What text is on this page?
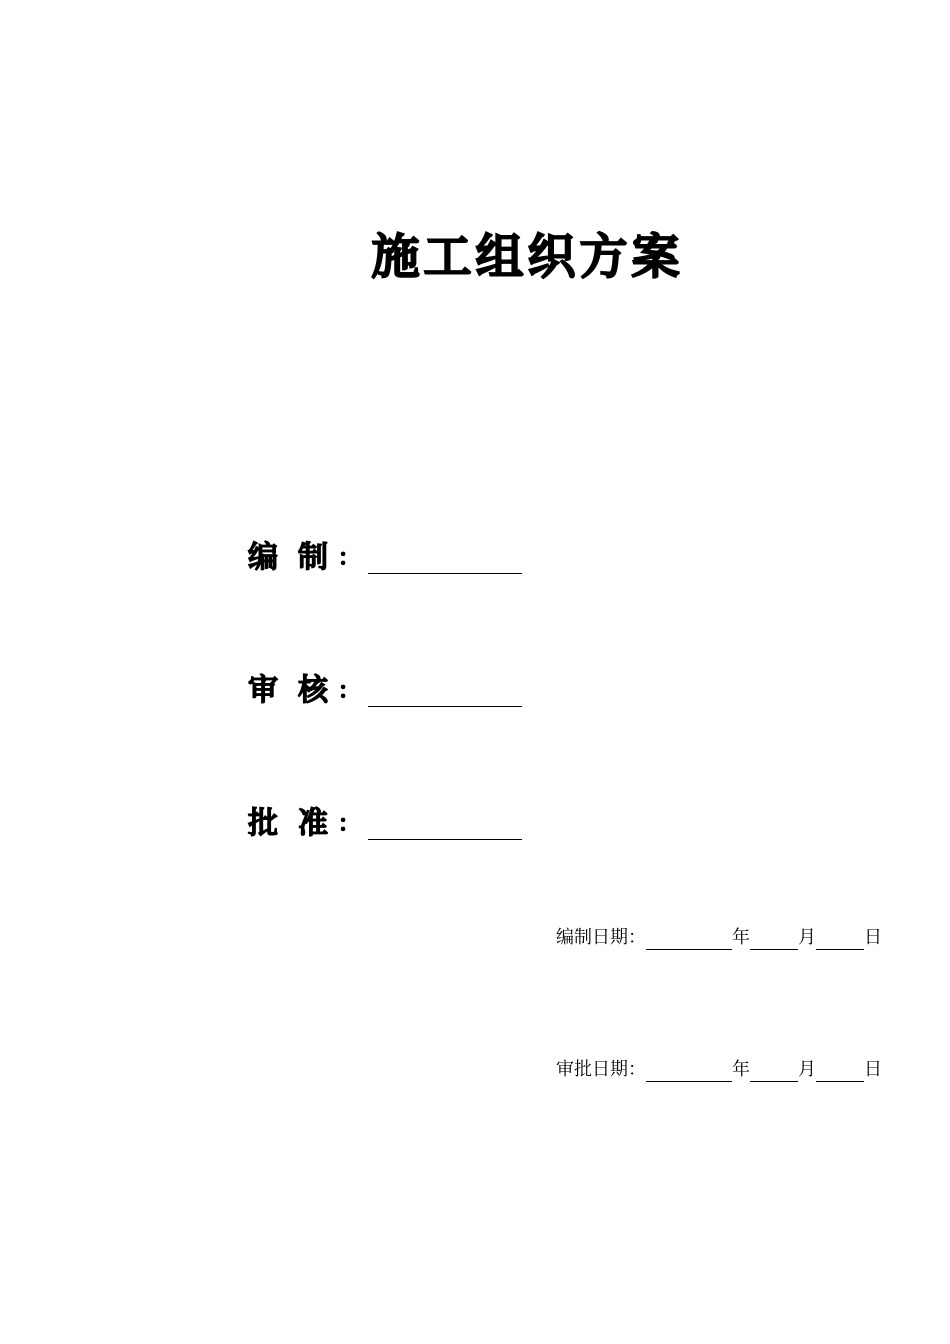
施工组织方案
编 制 ：
审 核 ：
批 准 ：
编制日期：	年	月	日
审批日期：	年	月	日
